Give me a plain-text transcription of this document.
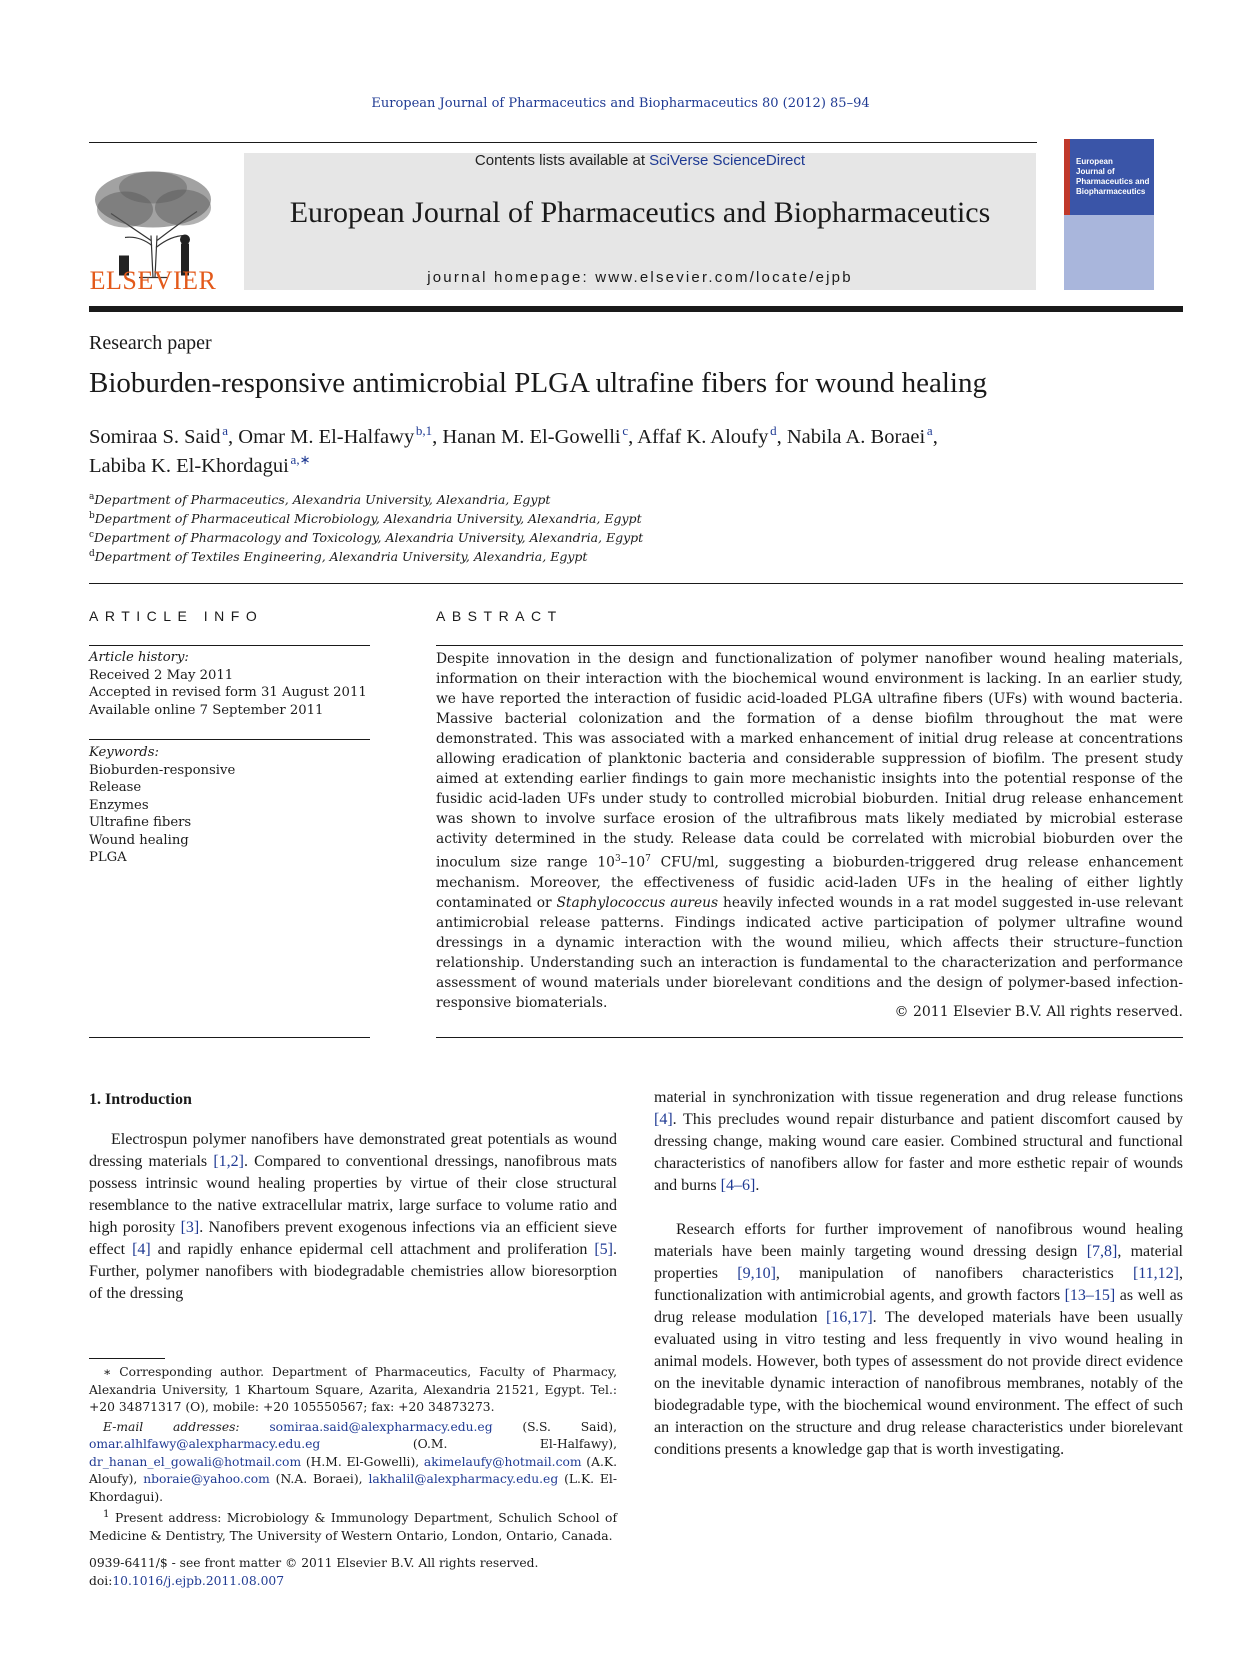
European Journal of Pharmaceutics and Biopharmaceutics 80 (2012) 85–94
ELSEVIER
Contents lists available at SciVerse ScienceDirect
European Journal of Pharmaceutics and Biopharmaceutics
journal homepage: www.elsevier.com/locate/ejpb
European
Journal of
Pharmaceutics and
Biopharmaceutics
Research paper
Bioburden-responsive antimicrobial PLGA ultrafine fibers for wound healing
Somiraa S. Said  $^a$, Omar M. El-Halfawy  $^{b,1}$, Hanan M. El-Gowelli  $^c$, Affaf K. Aloufy  $^d$, Nabila A. Boraei  $^a$,
Labiba K. El-Khordagui  $^{a,∗}$
$^a$Department of Pharmaceutics, Alexandria University, Alexandria, Egypt
$^b$Department of Pharmaceutical Microbiology, Alexandria University, Alexandria, Egypt
$^c$Department of Pharmacology and Toxicology, Alexandria University, Alexandria, Egypt
$^d$Department of Textiles Engineering, Alexandria University, Alexandria, Egypt
ARTICLE INFO	ABSTRACT
Article history:
Received 2 May 2011
Accepted in revised form 31 August 2011
Available online 7 September 2011
Keywords:
Bioburden-responsive
Release
Enzymes
Ultrafine fibers
Wound healing
PLGA
Despite innovation in the design and functionalization of polymer nanofiber wound healing materials, information on their interaction with the biochemical wound environment is lacking. In an earlier study, we have reported the interaction of fusidic acid-loaded PLGA ultrafine fibers (UFs) with wound bacteria. Massive bacterial colonization and the formation of a dense biofilm throughout the mat were demonstrated. This was associated with a marked enhancement of initial drug release at concentrations allowing eradication of planktonic bacteria and considerable suppression of biofilm. The present study aimed at extending earlier findings to gain more mechanistic insights into the potential response of the fusidic acid-laden UFs under study to controlled microbial bioburden. Initial drug release enhancement was shown to involve surface erosion of the ultrafibrous mats likely mediated by microbial esterase activity determined in the study. Release data could be correlated with microbial bioburden over the inoculum size range $10^3-10^7$ CFU/ml, suggesting a bioburden-triggered drug release enhancement mechanism. Moreover, the effectiveness of fusidic acid-laden UFs in the healing of either lightly contaminated or Staphylococcus aureus heavily infected wounds in a rat model suggested in-use relevant antimicrobial release patterns. Findings indicated active participation of polymer ultrafine wound dressings in a dynamic interaction with the wound milieu, which affects their structure–function relationship. Understanding such an interaction is fundamental to the characterization and performance assessment of wound materials under biorelevant conditions and the design of polymer-based infection-responsive biomaterials.
© 2011 Elsevier B.V. All rights reserved.
1. Introduction
Electrospun polymer nanofibers have demonstrated great potentials as wound dressing materials [1,2]. Compared to conventional dressings, nanofibrous mats possess intrinsic wound healing properties by virtue of their close structural resemblance to the native extracellular matrix, large surface to volume ratio and high porosity [3]. Nanofibers prevent exogenous infections via an efficient sieve effect [4] and rapidly enhance epidermal cell attachment and proliferation [5]. Further, polymer nanofibers with biodegradable chemistries allow bioresorption of the dressing
material in synchronization with tissue regeneration and drug release functions [4]. This precludes wound repair disturbance and patient discomfort caused by dressing change, making wound care easier. Combined structural and functional characteristics of nanofibers allow for faster and more esthetic repair of wounds and burns [4–6].
Research efforts for further improvement of nanofibrous wound healing materials have been mainly targeting wound dressing design [7,8], material properties [9,10], manipulation of nanofibers characteristics [11,12], functionalization with antimicrobial agents, and growth factors [13–15] as well as drug release modulation [16,17]. The developed materials have been usually evaluated using in vitro testing and less frequently in vivo wound healing in animal models. However, both types of assessment do not provide direct evidence on the inevitable dynamic interaction of nanofibrous membranes, notably of the biodegradable type, with the biochemical wound environment. The effect of such an interaction on the structure and drug release characteristics under biorelevant conditions presents a knowledge gap that is worth investigating.

∗ Corresponding author. Department of Pharmaceutics, Faculty of Pharmacy, Alexandria University, 1 Khartoum Square, Azarita, Alexandria 21521, Egypt. Tel.: +20 34871317 (O), mobile: +20 105550567; fax: +20 34873273.

E-mail addresses: somiraa.said@alexpharmacy.edu.eg (S.S. Said), omar.alhlfawy@alexpharmacy.edu.eg (O.M. El-Halfawy), dr_hanan_el_gowali@hotmail.com (H.M. El-Gowelli), akimelaufy@hotmail.com (A.K. Aloufy), nboraie@yahoo.com (N.A. Boraei), lakhalil@alexpharmacy.edu.eg (L.K. El-Khordagui).

$^1$ Present address: Microbiology & Immunology Department, Schulich School of Medicine & Dentistry, The University of Western Ontario, London, Ontario, Canada.

0939-6411/$ - see front matter © 2011 Elsevier B.V. All rights reserved.
doi:10.1016/j.ejpb.2011.08.007
